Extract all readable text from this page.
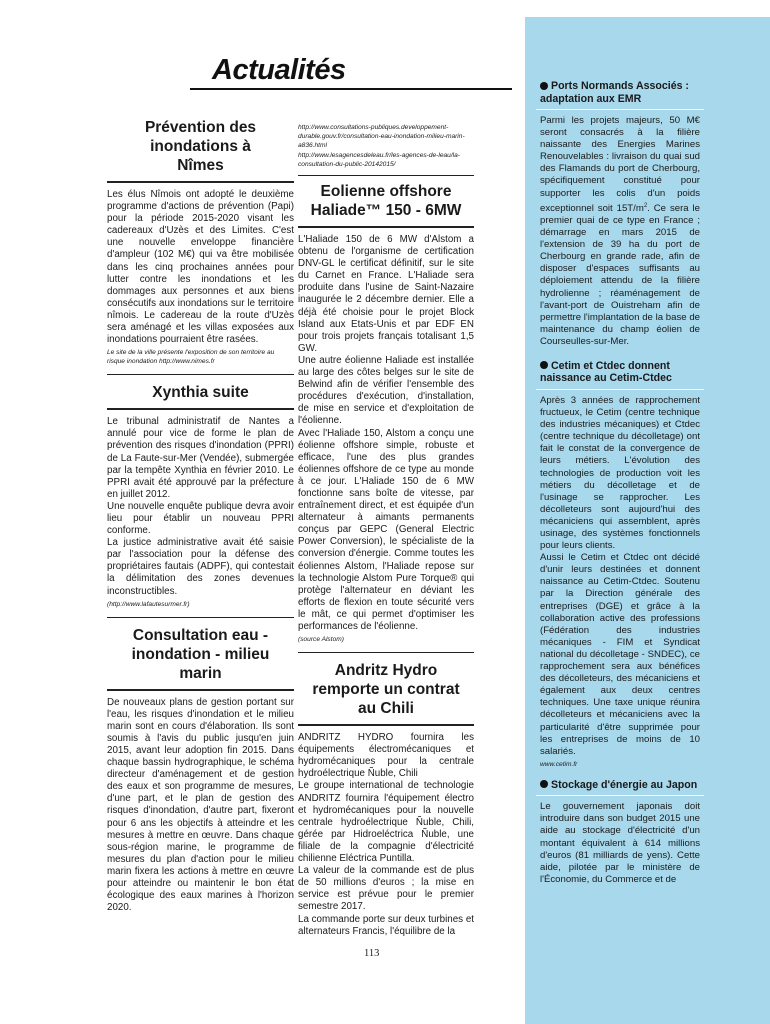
Actualités
Prévention des inondations à Nîmes

Les élus Nîmois ont adopté le deuxième programme d'actions de prévention (Papi) pour la période 2015-2020 visant les cadereaux d'Uzès et des Limites. C'est une nouvelle enveloppe financière d'ampleur (102 M€) qui va être mobilisée dans les cinq prochaines années pour lutter contre les inondations et les dommages aux personnes et aux biens consécutifs aux inondations sur le territoire nîmois. Le cadereau de la route d'Uzès sera aménagé et les villas exposées aux inondations pourraient être rasées.

Le site de la ville présente l'exposition de son territoire au risque inondation http://www.nimes.fr

Xynthia suite

Le tribunal administratif de Nantes a annulé pour vice de forme le plan de prévention des risques d'inondation (PPRI) de La Faute-sur-Mer (Vendée), submergée par la tempête Xynthia en février 2010. Le PPRI avait été approuvé par la préfecture en juillet 2012.

Une nouvelle enquête publique devra avoir lieu pour établir un nouveau PPRI conforme.

La justice administrative avait été saisie par l'association pour la défense des propriétaires fautais (ADPF), qui contestait la délimitation des zones devenues inconstructibles.

(http://www.lafautesurmer.fr)

Consultation eau - inondation - milieu marin

De nouveaux plans de gestion portant sur l'eau, les risques d'inondation et le milieu marin sont en cours d'élaboration. Ils sont soumis à l'avis du public jusqu'en juin 2015, avant leur adoption fin 2015. Dans chaque bassin hydrographique, le schéma directeur d'aménagement et de gestion des eaux et son programme de mesures, d'une part, et le plan de gestion des risques d'inondation, d'autre part, fixeront pour 6 ans les objectifs à atteindre et les mesures à mettre en œuvre. Dans chaque sous-région marine, le programme de mesures du plan d'action pour le milieu marin fixera les actions à mettre en œuvre pour atteindre ou maintenir le bon état écologique des eaux marines à l'horizon 2020.

http://www.consultations-publiques.developpement-durable.gouv.fr/consultation-eau-inondation-milieu-marin-a836.html

http://www.lesagencesdeleau.fr/les-agences-de-leau/la-consultation-du-public-20142015/

Eolienne offshore Haliade™ 150 - 6MW

L'Haliade 150 de 6 MW d'Alstom a obtenu de l'organisme de certification DNV-GL le certificat définitif, sur le site du Carnet en France. L'Haliade sera produite dans l'usine de Saint-Nazaire inaugurée le 2 décembre dernier. Elle a déjà été choisie pour le projet Block Island aux Etats-Unis et par EDF EN pour trois projets français totalisant 1,5 GW.

Une autre éolienne Haliade est installée au large des côtes belges sur le site de Belwind afin de vérifier l'ensemble des procédures d'exécution, d'installation, de mise en service et d'exploitation de l'éolienne.

Avec l'Haliade 150, Alstom a conçu une éolienne offshore simple, robuste et efficace, l'une des plus grandes éoliennes offshore de ce type au monde à ce jour. L'Haliade 150 de 6 MW fonctionne sans boîte de vitesse, par entraînement direct, et est équipée d'un alternateur à aimants permanents conçus par GEPC (General Electric Power Conversion), le spécialiste de la conversion d'énergie. Comme toutes les éoliennes Alstom, l'Haliade repose sur la technologie Alstom Pure Torque® qui protège l'alternateur en déviant les efforts de flexion en toute sécurité vers le mât, ce qui permet d'optimiser les performances de l'éolienne.

(source Alstom)

Andritz Hydro remporte un contrat au Chili

ANDRITZ HYDRO fournira les équipements électromécaniques et hydromécaniques pour la centrale hydroélectrique Ñuble, Chili

Le groupe international de technologie ANDRITZ fournira l'équipement électro et hydromécaniques pour la nouvelle centrale hydroélectrique Ñuble, Chili, gérée par Hidroeléctrica Ñuble, une filiale de la compagnie d'électricité chilienne Eléctrica Puntilla.

La valeur de la commande est de plus de 50 millions d'euros ; la mise en service est prévue pour le premier semestre 2017.

La commande porte sur deux turbines et alternateurs Francis, l'équilibre de la

Ports Normands Associés : adaptation aux EMR

Parmi les projets majeurs, 50 M€ seront consacrés à la filière naissante des Energies Marines Renouvelables : livraison du quai sud des Flamands du port de Cherbourg, spécifiquement constitué pour supporter les colis d'un poids exceptionnel soit $15T/m^2$. Ce sera le premier quai de ce type en France ; démarrage en mars 2015 de l'extension de 39 ha du port de Cherbourg en grande rade, afin de disposer d'espaces suffisants au déploiement attendu de la filière hydrolienne ; réaménagement de l'avant-port de Ouistreham afin de permettre l'implantation de la base de maintenance du champ éolien de Courseulles-sur-Mer.

Cetim et Ctdec donnent naissance au Cetim-Ctdec

Après 3 années de rapprochement fructueux, le Cetim (centre technique des industries mécaniques) et Ctdec (centre technique du décolletage) ont fait le constat de la convergence de leurs métiers. L'évolution des technologies de production voit les métiers du décolletage et de l'usinage se rapprocher. Les décolleteurs sont aujourd'hui des mécaniciens qui assemblent, après usinage, des systèmes fonctionnels pour leurs clients.

Aussi le Cetim et Ctdec ont décidé d'unir leurs destinées et donnent naissance au Cetim-Ctdec. Soutenu par la Direction générale des entreprises (DGE) et grâce à la collaboration active des professions (Fédération des industries mécaniques - FIM et Syndicat national du décolletage - SNDEC), ce rapprochement sera aux bénéfices des décolleteurs, des mécaniciens et également aux deux centres techniques. Une taxe unique réunira décolleteurs et mécaniciens avec la particularité d'être supprimée pour les entreprises de moins de 10 salariés.

www.cetim.fr

Stockage d'énergie au Japon

Le gouvernement japonais doit introduire dans son budget 2015 une aide au stockage d'électricité d'un montant équivalent à 614 millions d'euros (81 milliards de yens). Cette aide, pilotée par le ministère de l'Économie, du Commerce et de

113
